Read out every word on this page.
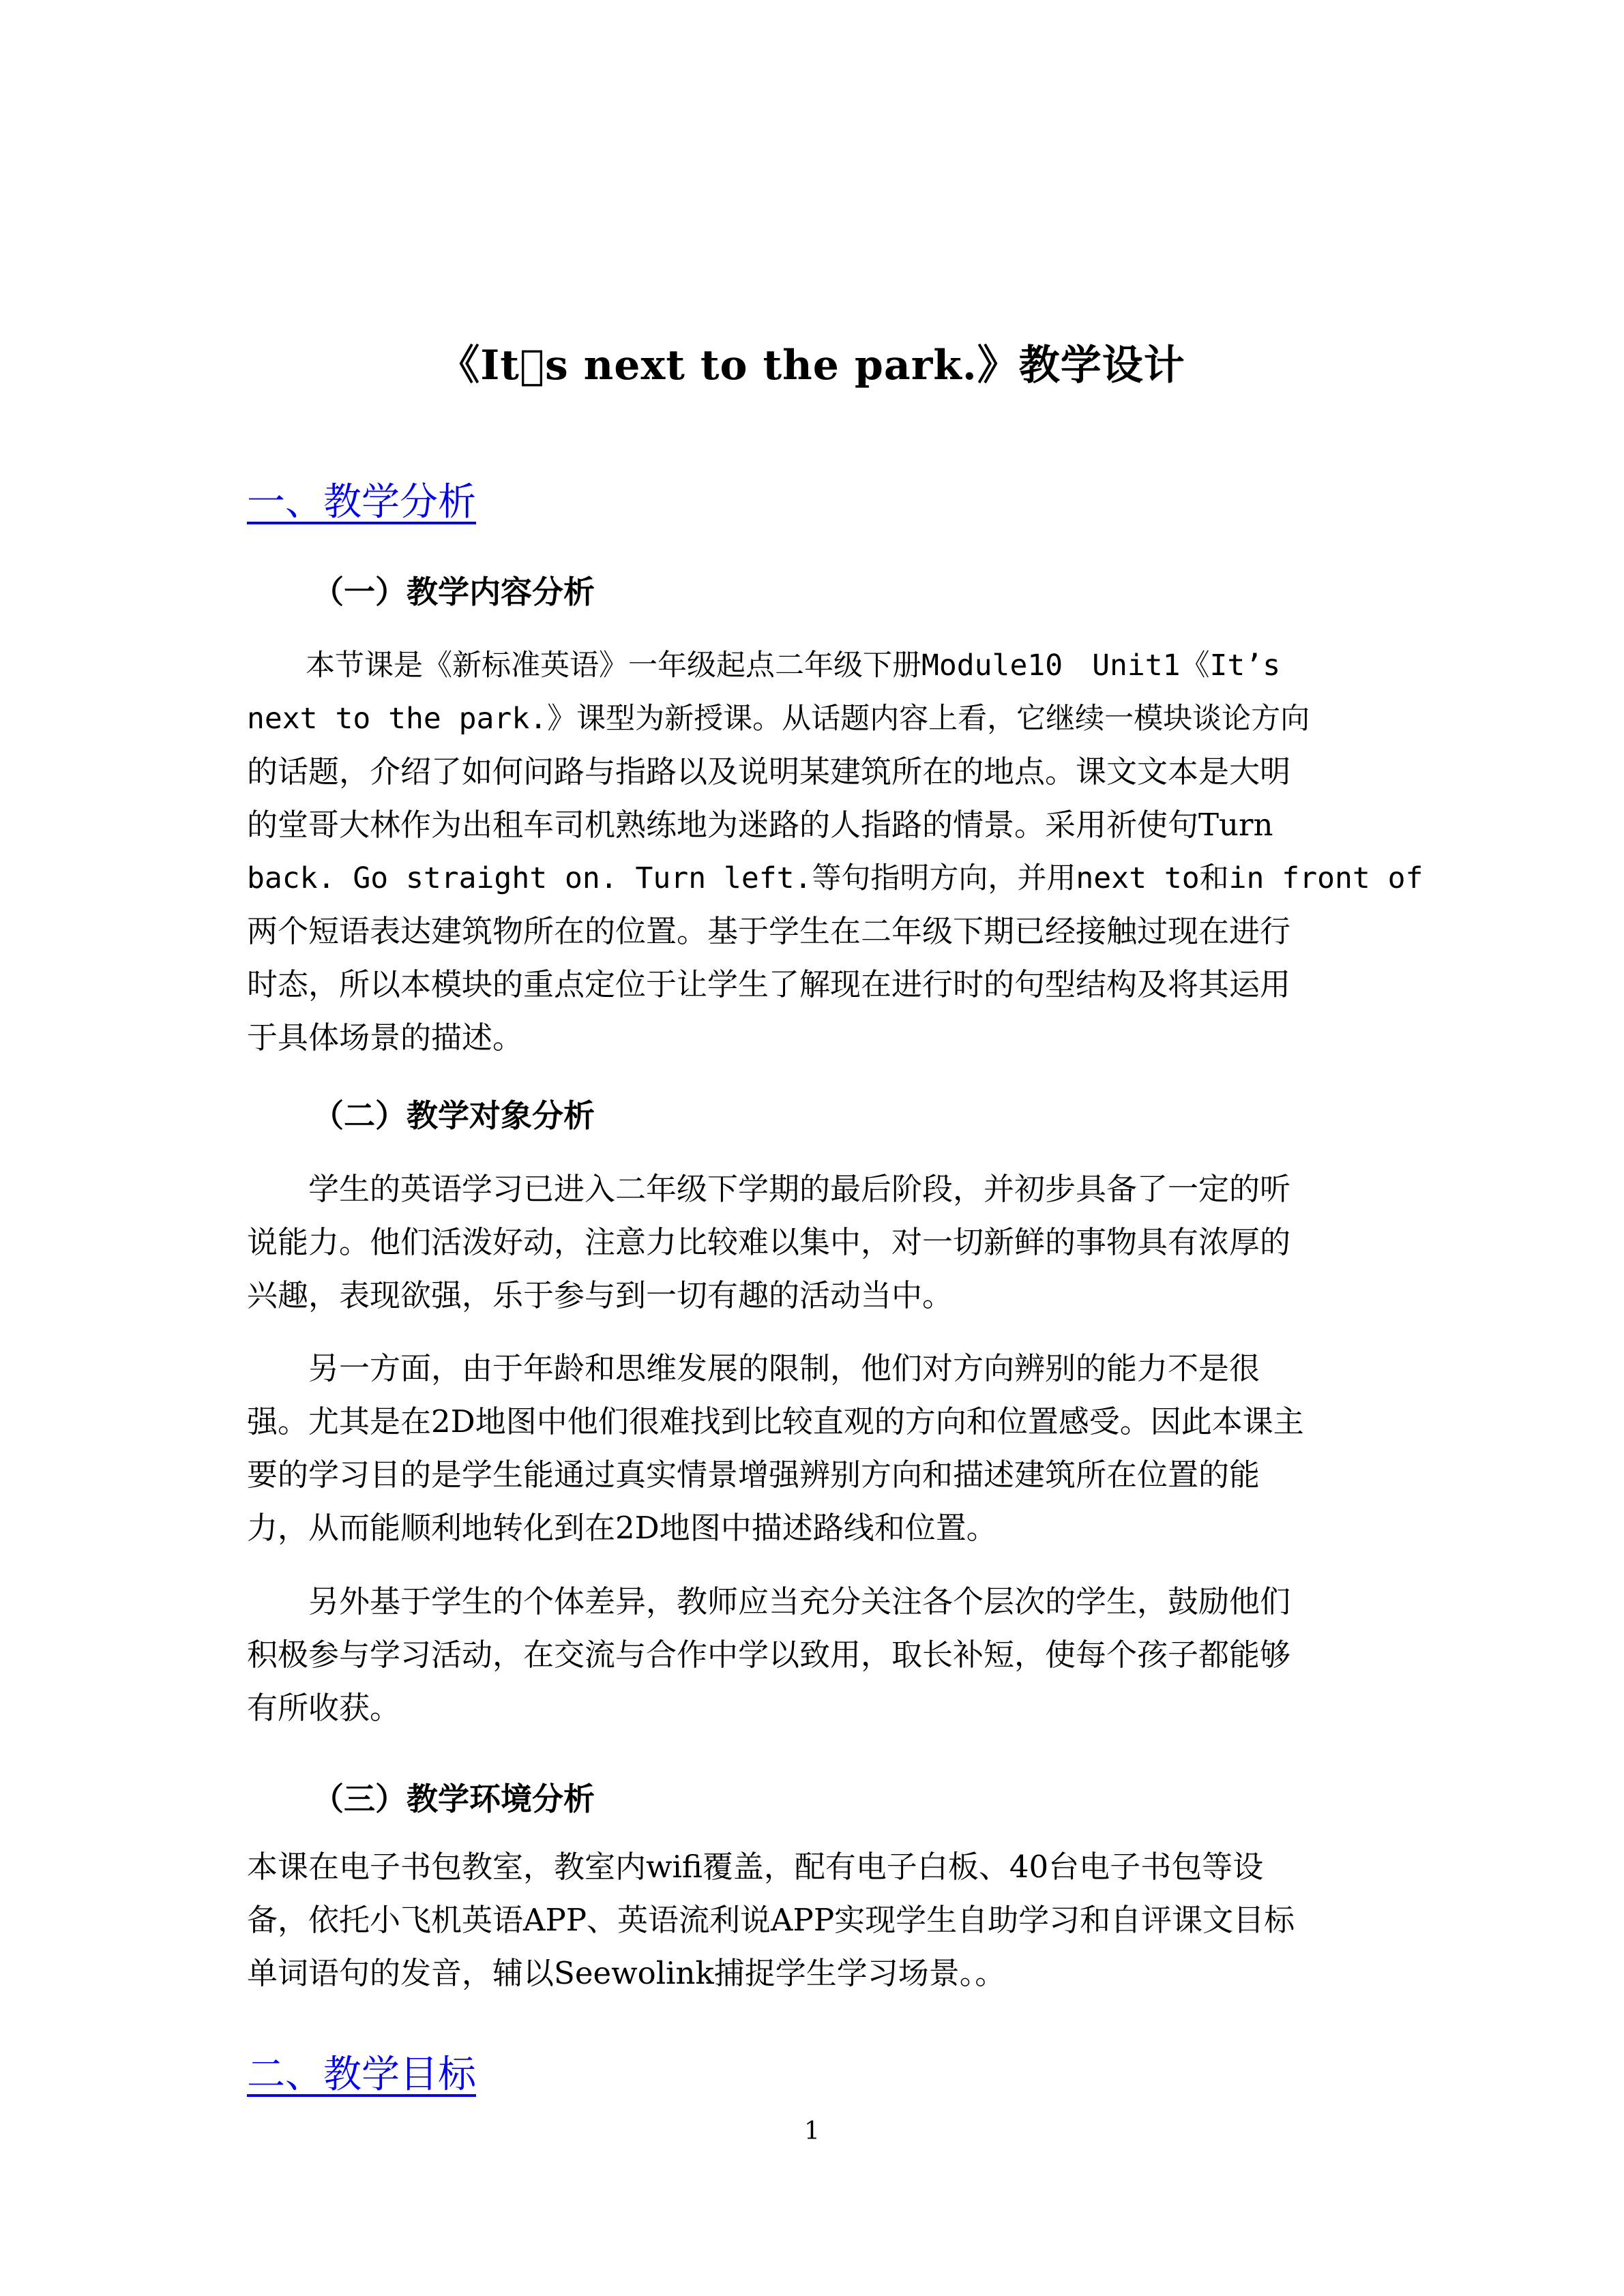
《It s next to the park.》教学设计
一、教学分析
（一）教学内容分析
　　本节课是《新标准英语》一年级起点二年级下册Module10　Unit1《It’s
next to the park.》课型为新授课。从话题内容上看，它继续一模块谈论方向
的话题，介绍了如何问路与指路以及说明某建筑所在的地点。课文文本是大明
的堂哥大林作为出租车司机熟练地为迷路的人指路的情景。采用祈使句Turn
back. Go straight on. Turn left.等句指明方向，并用next to和in front of
两个短语表达建筑物所在的位置。基于学生在二年级下期已经接触过现在进行
时态，所以本模块的重点定位于让学生了解现在进行时的句型结构及将其运用
于具体场景的描述。
（二）教学对象分析
　　学生的英语学习已进入二年级下学期的最后阶段，并初步具备了一定的听
说能力。他们活泼好动，注意力比较难以集中，对一切新鲜的事物具有浓厚的
兴趣，表现欲强，乐于参与到一切有趣的活动当中。
　　另一方面，由于年龄和思维发展的限制，他们对方向辨别的能力不是很
强。尤其是在2D地图中他们很难找到比较直观的方向和位置感受。因此本课主
要的学习目的是学生能通过真实情景增强辨别方向和描述建筑所在位置的能
力，从而能顺利地转化到在2D地图中描述路线和位置。
　　另外基于学生的个体差异，教师应当充分关注各个层次的学生，鼓励他们
积极参与学习活动，在交流与合作中学以致用，取长补短，使每个孩子都能够
有所收获。
（三）教学环境分析
本课在电子书包教室，教室内wifi覆盖，配有电子白板、40台电子书包等设
备，依托小飞机英语APP、英语流利说APP实现学生自助学习和自评课文目标
单词语句的发音，辅以Seewolink捕捉学生学习场景。。
二、教学目标
1
